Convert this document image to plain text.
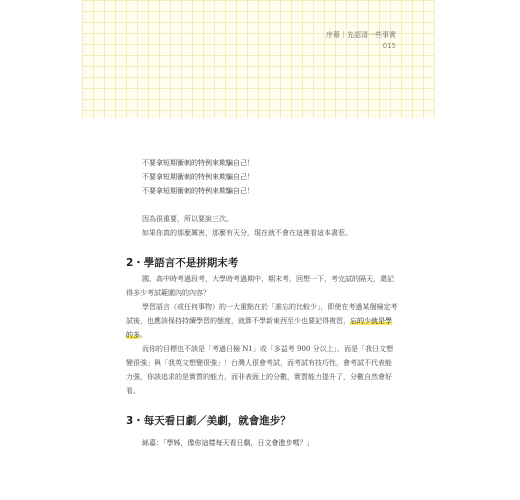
序幕｜先認清一些事實
015

不要拿短期衝刺的特例來欺騙自己！

不要拿短期衝刺的特例來欺騙自己！

不要拿短期衝刺的特例來欺騙自己！

因為很重要，所以要說三次。

如果你真的那麼厲害，那麼有天分，現在就不會在這裡看這本書惹。

2・學語言不是拼期末考

國、高中時考過段考，大學時考過期中、期末考，回想一下，考完試的隔天，還記得多少考試範圍內的內容？

學習語言（或任何事物）的一大重點在於「誰忘的比較少」，即使在考過某個檢定考試後，也應該保持持續學習的態度，就算不學新東西至少也要記得複習，忘的少就是學的多。

而你的目標也不該是「考過日檢 N1」或「多益考 900 分以上」，而是「我日文想變很強」與「我英文想變很強」！台灣人很會考試，而考試有技巧性，會考試不代表能力強，你該追求的是實質的能力，而非表面上的分數，實質能力提升了，分數自然會好看。

3・每天看日劇／美劇，就會進步？

絲嘉：「學姊，像你這樣每天看日劇，日文會進步嗎？」
